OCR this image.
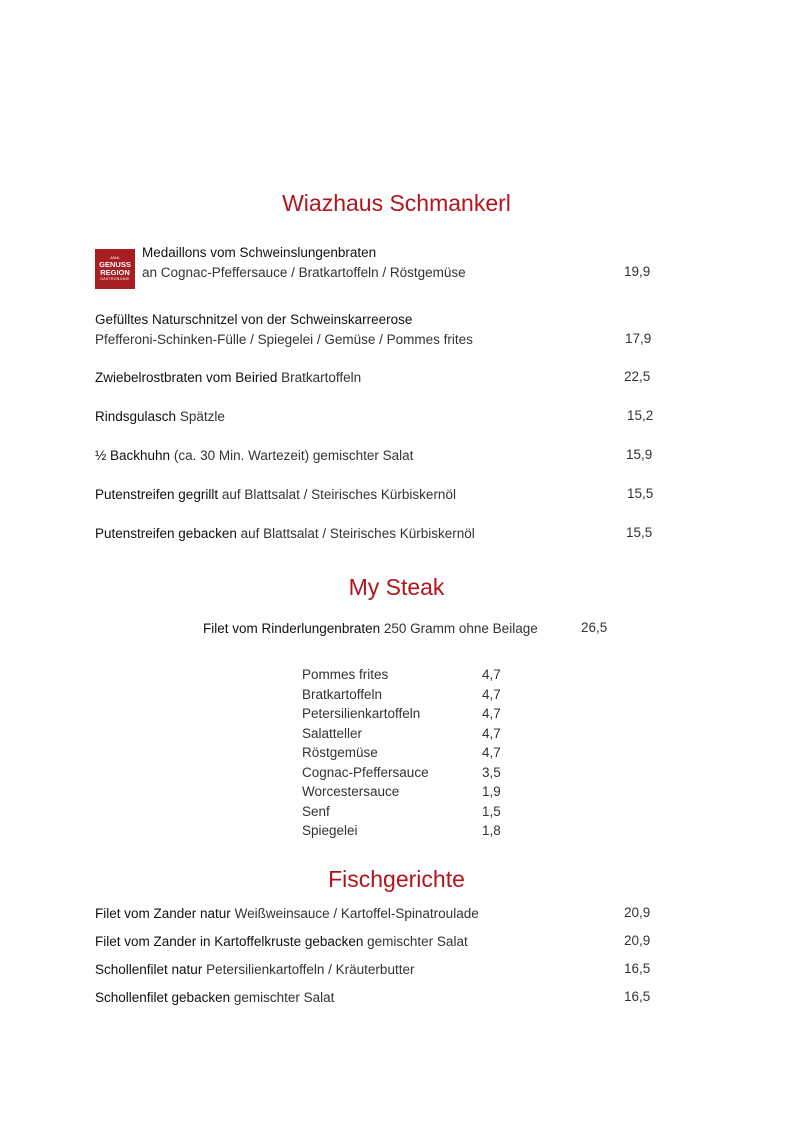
Wiazhaus Schmankerl
AMA
GENUSS
REGION
GASTRONOMIE
Medaillons vom Schweinslungenbraten
an Cognac-Pfeffersauce / Bratkartoffeln / Röstgemüse	19,9
Gefülltes Naturschnitzel von der Schweinskarreerose
Pfefferoni-Schinken-Fülle / Spiegelei / Gemüse / Pommes frites	17,9
Zwiebelrostbraten vom Beiried Bratkartoffeln	22,5
Rindsgulasch Spätzle	15,2
½ Backhuhn (ca. 30 Min. Wartezeit) gemischter Salat	15,9
Putenstreifen gegrillt auf Blattsalat / Steirisches Kürbiskernöl	15,5
Putenstreifen gebacken auf Blattsalat / Steirisches Kürbiskernöl	15,5
My Steak
Filet vom Rinderlungenbraten 250 Gramm ohne Beilage	26,5
Pommes frites	4,7
Bratkartoffeln	4,7
Petersilienkartoffeln	4,7
Salatteller	4,7
Röstgemüse	4,7
Cognac-Pfeffersauce	3,5
Worcestersauce	1,9
Senf	1,5
Spiegelei	1,8
Fischgerichte
Filet vom Zander natur Weißweinsauce / Kartoffel-Spinatroulade	20,9
Filet vom Zander in Kartoffelkruste gebacken gemischter Salat	20,9
Schollenfilet natur Petersilienkartoffeln / Kräuterbutter	16,5
Schollenfilet gebacken gemischter Salat	16,5
